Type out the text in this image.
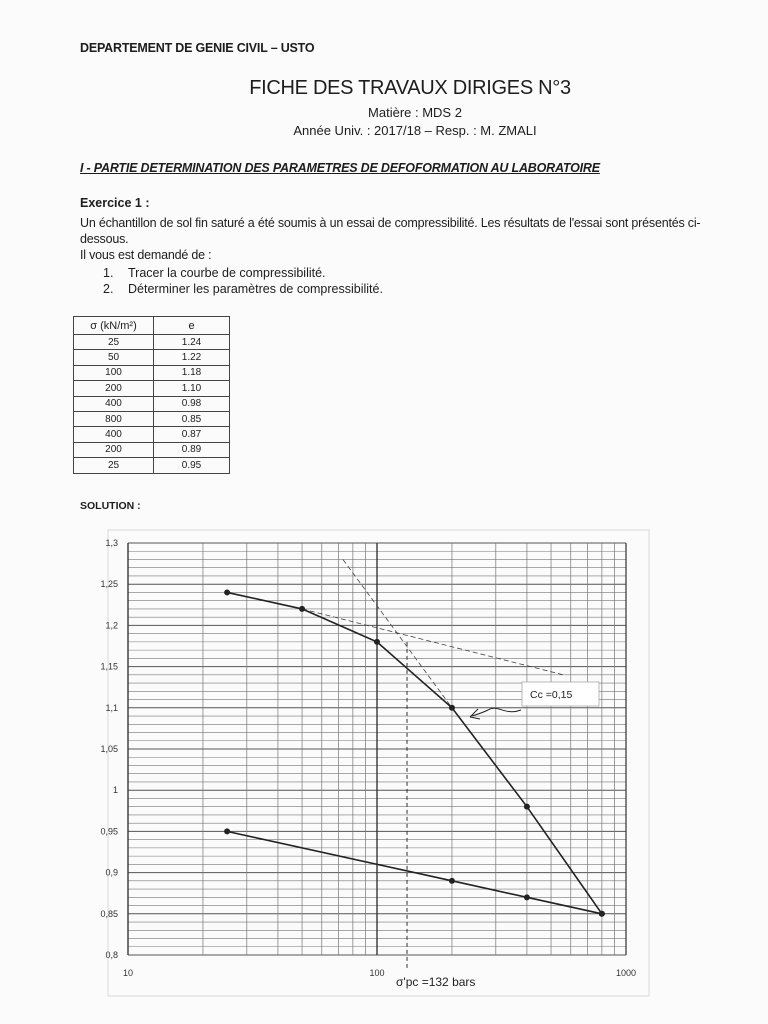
DEPARTEMENT DE GENIE CIVIL – USTO
FICHE DES TRAVAUX DIRIGES N°3
Matière : MDS 2
Année Univ. : 2017/18 – Resp. : M. ZMALI
I - PARTIE DETERMINATION DES PARAMETRES DE DEFOFORMATION AU LABORATOIRE
Exercice 1 :
Un échantillon de sol fin saturé a été soumis à un essai de compressibilité. Les résultats de l'essai sont présentés ci-dessous.
Il vous est demandé de :
1. Tracer la courbe de compressibilité.
2. Déterminer les paramètres de compressibilité.
σ (kN/m²)	e
25	1.24
50	1.22
100	1.18
200	1.10
400	0.98
800	0.85
400	0.87
200	0.89
25	0.95
SOLUTION :
1,3
1,25
1,2
1,15
1,1
1,05
1
0,95
0,9
0,85
0,8
10	100	1000
Cc =0,15
σ'pc =132 bars
